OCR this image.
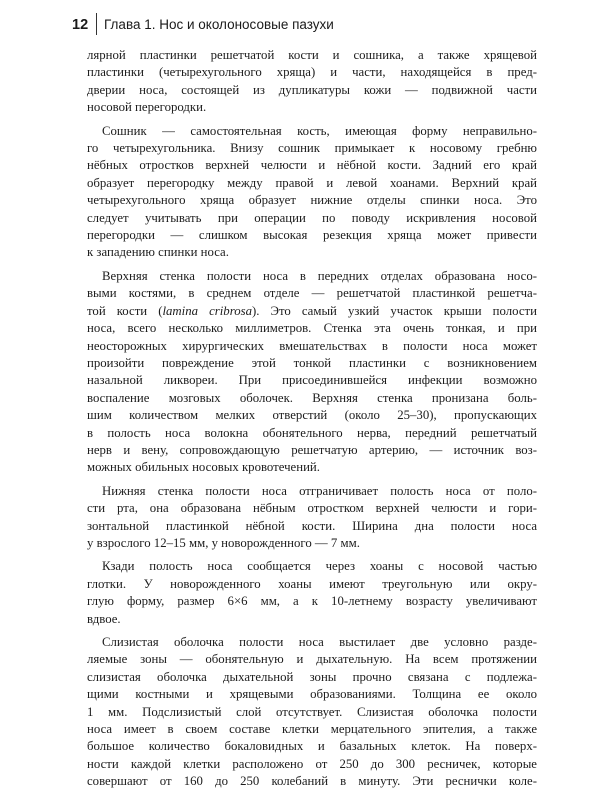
12 Глава 1. Нос и околоносовые пазухи

лярной пластинки решетчатой кости и сошника, а также хрящевой

пластинки (четырехугольного хряща) и части, находящейся в пред-

дверии носа, состоящей из дупликатуры кожи — подвижной части

носовой перегородки.

Сошник — самостоятельная кость, имеющая форму неправильно-

го четырехугольника. Внизу сошник примыкает к носовому гребню

нёбных отростков верхней челюсти и нёбной кости. Задний его край

образует перегородку между правой и левой хоанами. Верхний край

четырехугольного хряща образует нижние отделы спинки носа. Это

следует учитывать при операции по поводу искривления носовой

перегородки — слишком высокая резекция хряща может привести

к западению спинки носа.

Верхняя стенка полости носа в передних отделах образована носо-

выми костями, в среднем отделе — решетчатой пластинкой решетча-

той кости (lamina cribrosa). Это самый узкий участок крыши полости

носа, всего несколько миллиметров. Стенка эта очень тонкая, и при

неосторожных хирургических вмешательствах в полости носа может

произойти повреждение этой тонкой пластинки с возникновением

назальной ликвореи. При присоединившейся инфекции возможно

воспаление мозговых оболочек. Верхняя стенка пронизана боль-

шим количеством мелких отверстий (около 25–30), пропускающих

в полость носа волокна обонятельного нерва, передний решетчатый

нерв и вену, сопровождающую решетчатую артерию, — источник воз-

можных обильных носовых кровотечений.

Нижняя стенка полости носа отграничивает полость носа от поло-

сти рта, она образована нёбным отростком верхней челюсти и гори-

зонтальной пластинкой нёбной кости. Ширина дна полости носа

у взрослого 12–15 мм, у новорожденного — 7 мм.

Кзади полость носа сообщается через хоаны с носовой частью

глотки. У новорожденного хоаны имеют треугольную или окру-

глую форму, размер 6×6 мм, а к 10-летнему возрасту увеличивают

вдвое.

Слизистая оболочка полости носа выстилает две условно разде-

ляемые зоны — обонятельную и дыхательную. На всем протяжении

слизистая оболочка дыхательной зоны прочно связана с подлежа-

щими костными и хрящевыми образованиями. Толщина ее около

1 мм. Подслизистый слой отсутствует. Слизистая оболочка полости

носа имеет в своем составе клетки мерцательного эпителия, а также

большое количество бокаловидных и базальных клеток. На поверх-

ности каждой клетки расположено от 250 до 300 ресничек, которые

совершают от 160 до 250 колебаний в минуту. Эти реснички коле-
